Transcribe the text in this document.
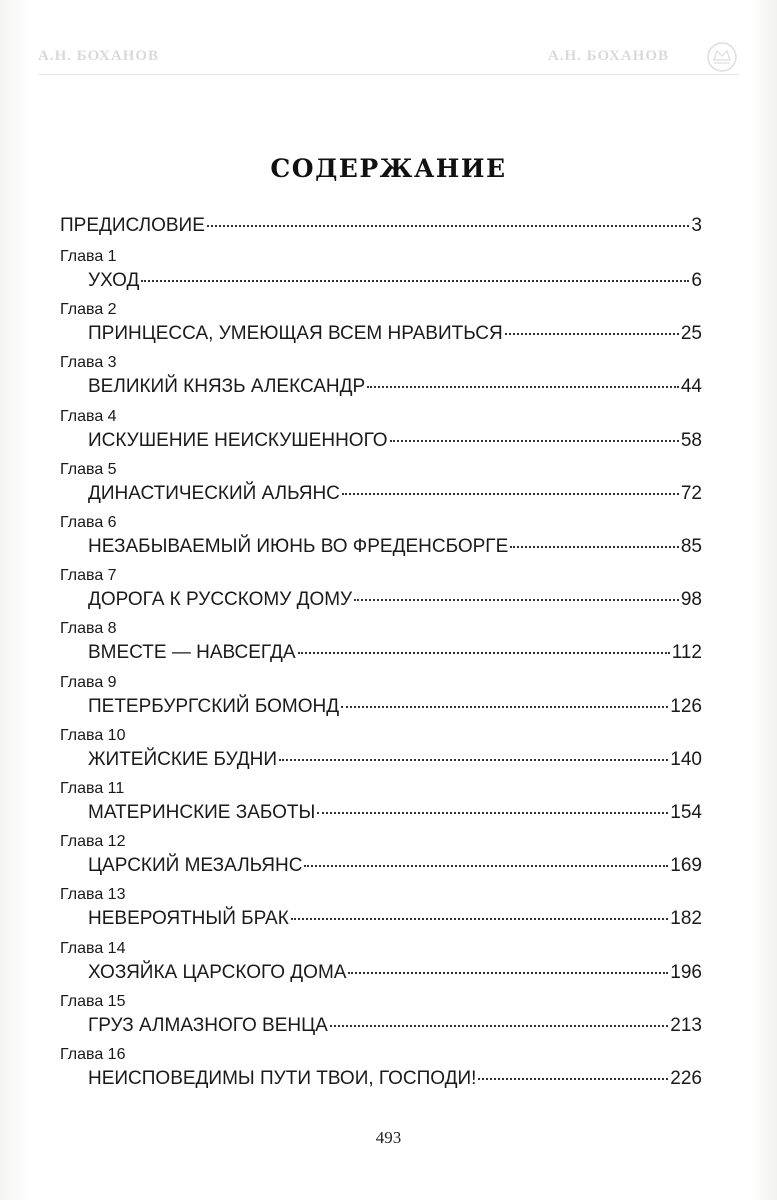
А.Н. БОХАНОВ	А.Н. БОХАНОВ
СОДЕРЖАНИЕ
ПРЕДИСЛОВИЕ	3
Глава 1
УХОД	6
Глава 2
ПРИНЦЕССА, УМЕЮЩАЯ ВСЕМ НРАВИТЬСЯ	25
Глава 3
ВЕЛИКИЙ КНЯЗЬ АЛЕКСАНДР	44
Глава 4
ИСКУШЕНИЕ НЕИСКУШЕННОГО	58
Глава 5
ДИНАСТИЧЕСКИЙ АЛЬЯНС	72
Глава 6
НЕЗАБЫВАЕМЫЙ ИЮНЬ ВО ФРЕДЕНСБОРГЕ	85
Глава 7
ДОРОГА К РУССКОМУ ДОМУ	98
Глава 8
ВМЕСТЕ — НАВСЕГДА	112
Глава 9
ПЕТЕРБУРГСКИЙ БОМОНД	126
Глава 10
ЖИТЕЙСКИЕ БУДНИ	140
Глава 11
МАТЕРИНСКИЕ ЗАБОТЫ	154
Глава 12
ЦАРСКИЙ МЕЗАЛЬЯНС	169
Глава 13
НЕВЕРОЯТНЫЙ БРАК	182
Глава 14
ХОЗЯЙКА ЦАРСКОГО ДОМА	196
Глава 15
ГРУЗ АЛМАЗНОГО ВЕНЦА	213
Глава 16
НЕИСПОВЕДИМЫ ПУТИ ТВОИ, ГОСПОДИ!	226
493
